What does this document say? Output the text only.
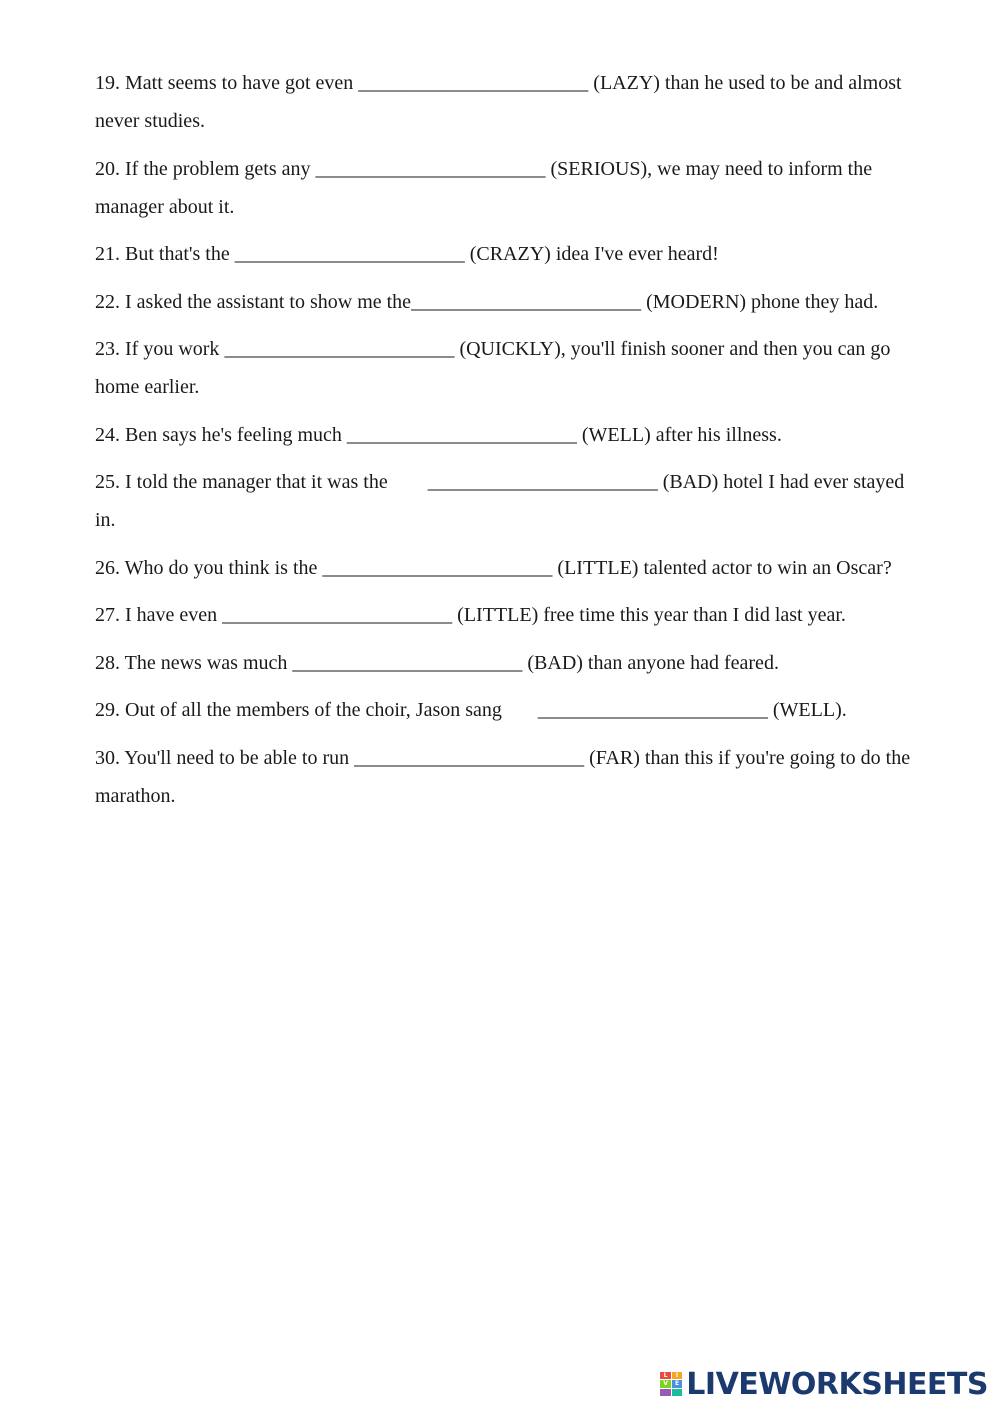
19. Matt seems to have got even _______________________ (LAZY) than he used to be and almost never studies.

20. If the problem gets any _______________________ (SERIOUS), we may need to inform the manager about it.

21. But that's the _______________________ (CRAZY) idea I've ever heard!

22. I asked the assistant to show me the_______________________ (MODERN) phone they had.

23. If you work _______________________ (QUICKLY), you'll finish sooner and then you can go home earlier.

24. Ben says he's feeling much _______________________ (WELL) after his illness.

25. I told the manager that it was the _______________________ (BAD) hotel I had ever stayed in.

26. Who do you think is the _______________________ (LITTLE) talented actor to win an Oscar?

27. I have even _______________________ (LITTLE) free time this year than I did last year.

28. The news was much _______________________ (BAD) than anyone had feared.

29. Out of all the members of the choir, Jason sang _______________________ (WELL).

30. You'll need to be able to run _______________________ (FAR) than this if you're going to do the marathon.

L	I
V	E LIVEWORKSHEETS
